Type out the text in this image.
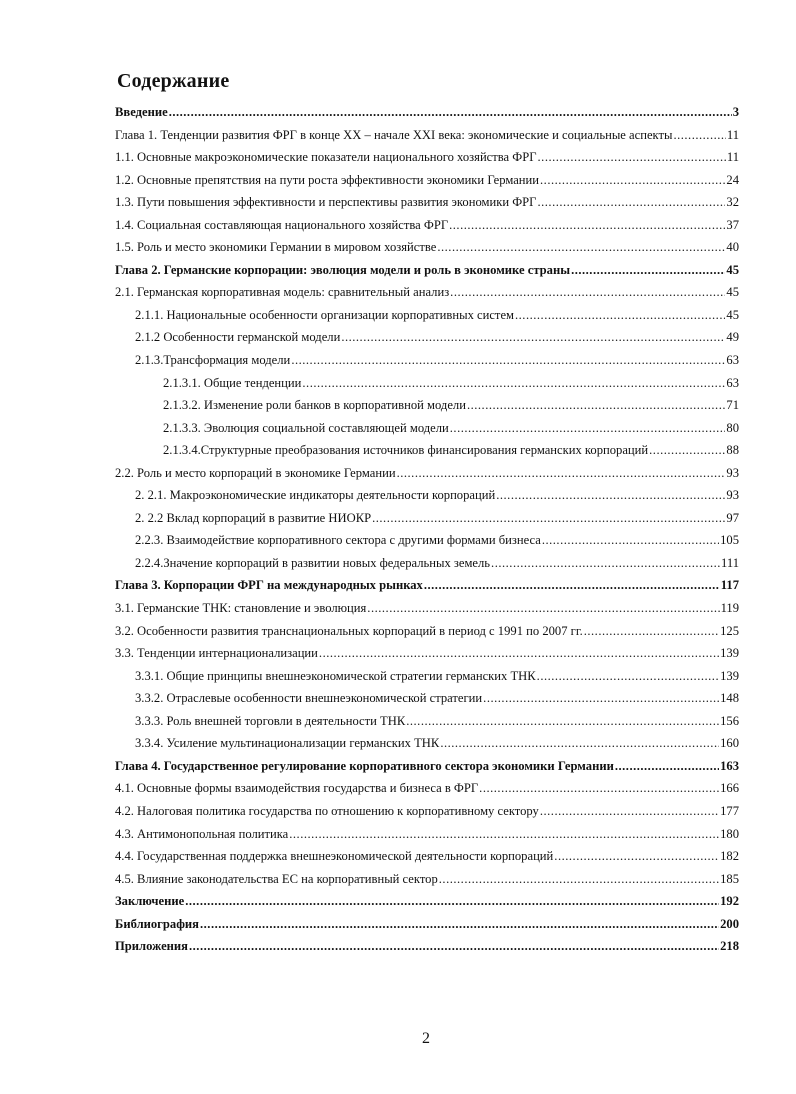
Содержание
Введение .....	3
Глава 1. Тенденции развития ФРГ в конце XX – начале XXI века: экономические и социальные аспекты .....	11
1.1. Основные макроэкономические показатели национального хозяйства ФРГ .....	11
1.2. Основные препятствия на пути роста эффективности экономики Германии .....	24
1.3. Пути повышения эффективности и перспективы развития экономики ФРГ .....	32
1.4. Социальная составляющая национального хозяйства ФРГ .....	37
1.5. Роль и место экономики Германии в мировом хозяйстве .....	40
Глава 2. Германские корпорации: эволюция модели и роль в экономике страны .....	45
2.1. Германская корпоративная модель: сравнительный анализ .....	45
2.1.1. Национальные особенности организации корпоративных систем .....	45
2.1.2 Особенности германской модели .....	49
2.1.3.Трансформация модели .....	63
2.1.3.1. Общие тенденции .....	63
2.1.3.2. Изменение роли банков в корпоративной модели .....	71
2.1.3.3. Эволюция социальной составляющей модели .....	80
2.1.3.4.Структурные преобразования источников финансирования германских корпораций .....	88
2.2. Роль и место корпораций в экономике Германии .....	93
2. 2.1. Макроэкономические индикаторы деятельности корпораций .....	93
2. 2.2 Вклад корпораций в развитие НИОКР .....	97
2.2.3. Взаимодействие корпоративного сектора с другими формами бизнеса .....	105
2.2.4.Значение корпораций в развитии новых федеральных земель .....	111
Глава 3. Корпорации ФРГ на международных рынках .....	117
3.1. Германские ТНК: становление и эволюция .....	119
3.2. Особенности развития транснациональных корпораций в период с 1991 по 2007 гг. .....	125
3.3. Тенденции интернационализации .....	139
3.3.1. Общие принципы внешнеэкономической стратегии германских ТНК .....	139
3.3.2. Отраслевые особенности внешнеэкономической стратегии .....	148
3.3.3. Роль внешней торговли в деятельности ТНК .....	156
3.3.4. Усиление мультинационализации германских ТНК .....	160
Глава 4. Государственное регулирование корпоративного сектора экономики Германии .....	163
4.1. Основные формы взаимодействия государства и бизнеса в ФРГ .....	166
4.2. Налоговая политика государства по отношению к корпоративному сектору .....	177
4.3. Антимонопольная политика .....	180
4.4. Государственная поддержка внешнеэкономической деятельности корпораций .....	182
4.5. Влияние законодательства ЕС на корпоративный сектор .....	185
Заключение .....	192
Библиография .....	200
Приложения .....	218
2
